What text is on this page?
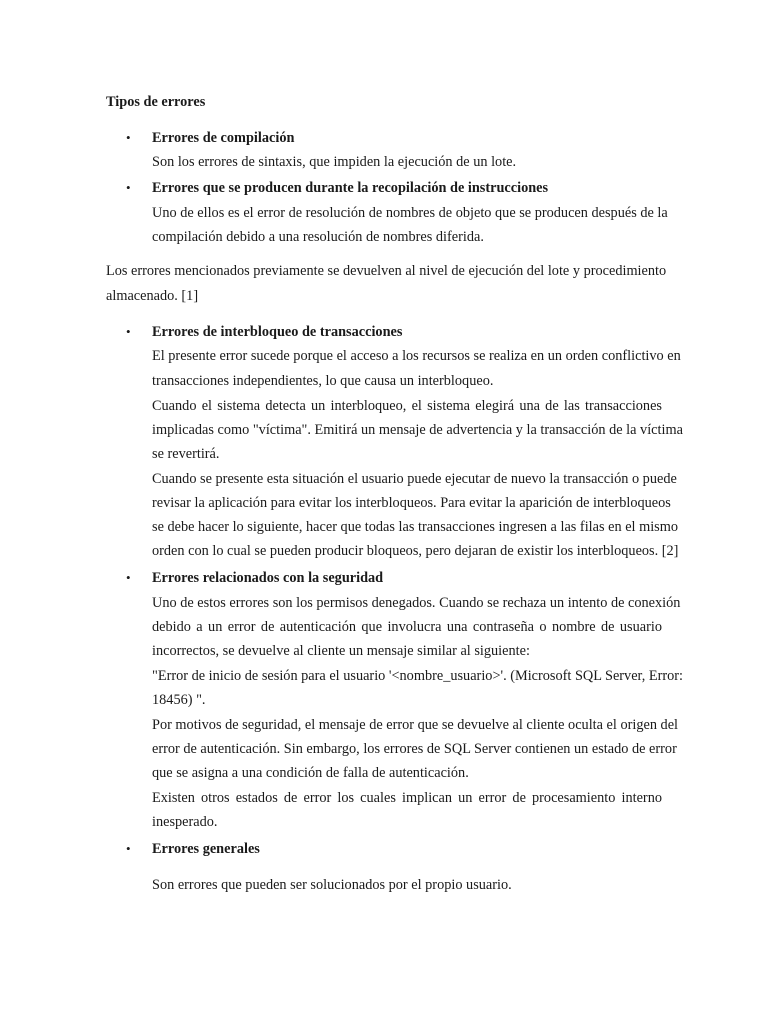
Tipos de errores
• Errores de compilación
Son los errores de sintaxis, que impiden la ejecución de un lote.
• Errores que se producen durante la recopilación de instrucciones
Uno de ellos es el error de resolución de nombres de objeto que se producen después de la
compilación debido a una resolución de nombres diferida.
Los errores mencionados previamente se devuelven al nivel de ejecución del lote y procedimiento
almacenado. [1]
• Errores de interbloqueo de transacciones
El presente error sucede porque el acceso a los recursos se realiza en un orden conflictivo en
transacciones independientes, lo que causa un interbloqueo.
Cuando el sistema detecta un interbloqueo, el sistema elegirá una de las transacciones
implicadas como "víctima". Emitirá un mensaje de advertencia y la transacción de la víctima
se revertirá.
Cuando se presente esta situación el usuario puede ejecutar de nuevo la transacción o puede
revisar la aplicación para evitar los interbloqueos. Para evitar la aparición de interbloqueos
se debe hacer lo siguiente, hacer que todas las transacciones ingresen a las filas en el mismo
orden con lo cual se pueden producir bloqueos, pero dejaran de existir los interbloqueos. [2]
• Errores relacionados con la seguridad
Uno de estos errores son los permisos denegados. Cuando se rechaza un intento de conexión
debido a un error de autenticación que involucra una contraseña o nombre de usuario
incorrectos, se devuelve al cliente un mensaje similar al siguiente:
"Error de inicio de sesión para el usuario '<nombre_usuario>'. (Microsoft SQL Server, Error:
18456) ".
Por motivos de seguridad, el mensaje de error que se devuelve al cliente oculta el origen del
error de autenticación. Sin embargo, los errores de SQL Server contienen un estado de error
que se asigna a una condición de falla de autenticación.
Existen otros estados de error los cuales implican un error de procesamiento interno
inesperado.
• Errores generales
Son errores que pueden ser solucionados por el propio usuario.
